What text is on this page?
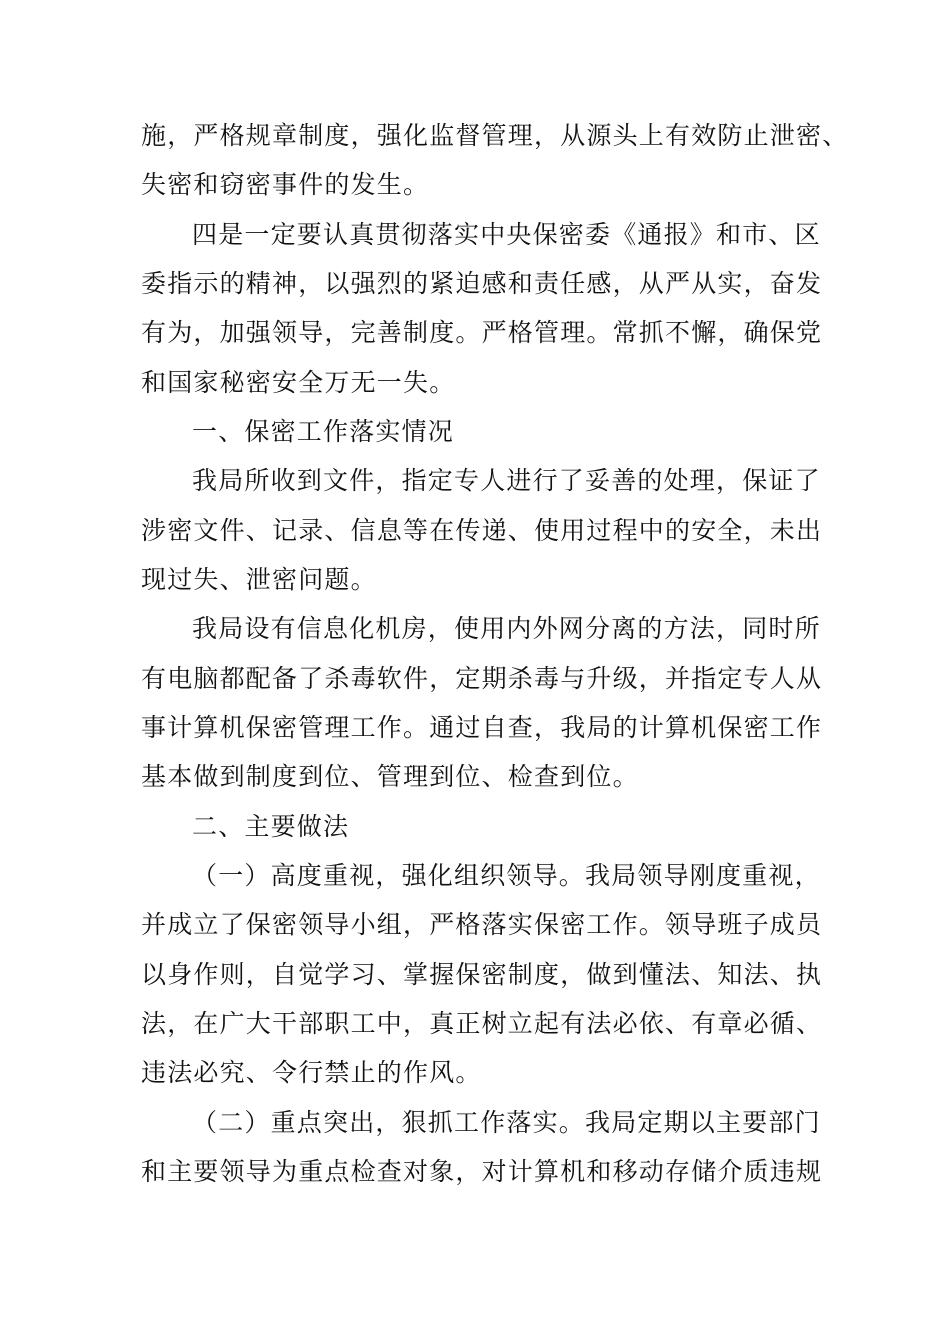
施，严格规章制度，强化监督管理，从源头上有效防止泄密、
失密和窃密事件的发生。
四是一定要认真贯彻落实中央保密委《通报》和市、区
委指示的精神，以强烈的紧迫感和责任感，从严从实，奋发
有为，加强领导，完善制度。严格管理。常抓不懈，确保党
和国家秘密安全万无一失。
一、保密工作落实情况
我局所收到文件，指定专人进行了妥善的处理，保证了
涉密文件、记录、信息等在传递、使用过程中的安全，未出
现过失、泄密问题。
我局设有信息化机房，使用内外网分离的方法，同时所
有电脑都配备了杀毒软件，定期杀毒与升级，并指定专人从
事计算机保密管理工作。通过自查，我局的计算机保密工作
基本做到制度到位、管理到位、检查到位。
二、主要做法
（一）高度重视，强化组织领导。我局领导刚度重视，
并成立了保密领导小组，严格落实保密工作。领导班子成员
以身作则，自觉学习、掌握保密制度，做到懂法、知法、执
法，在广大干部职工中，真正树立起有法必依、有章必循、
违法必究、令行禁止的作风。
（二）重点突出，狠抓工作落实。我局定期以主要部门
和主要领导为重点检查对象，对计算机和移动存储介质违规
